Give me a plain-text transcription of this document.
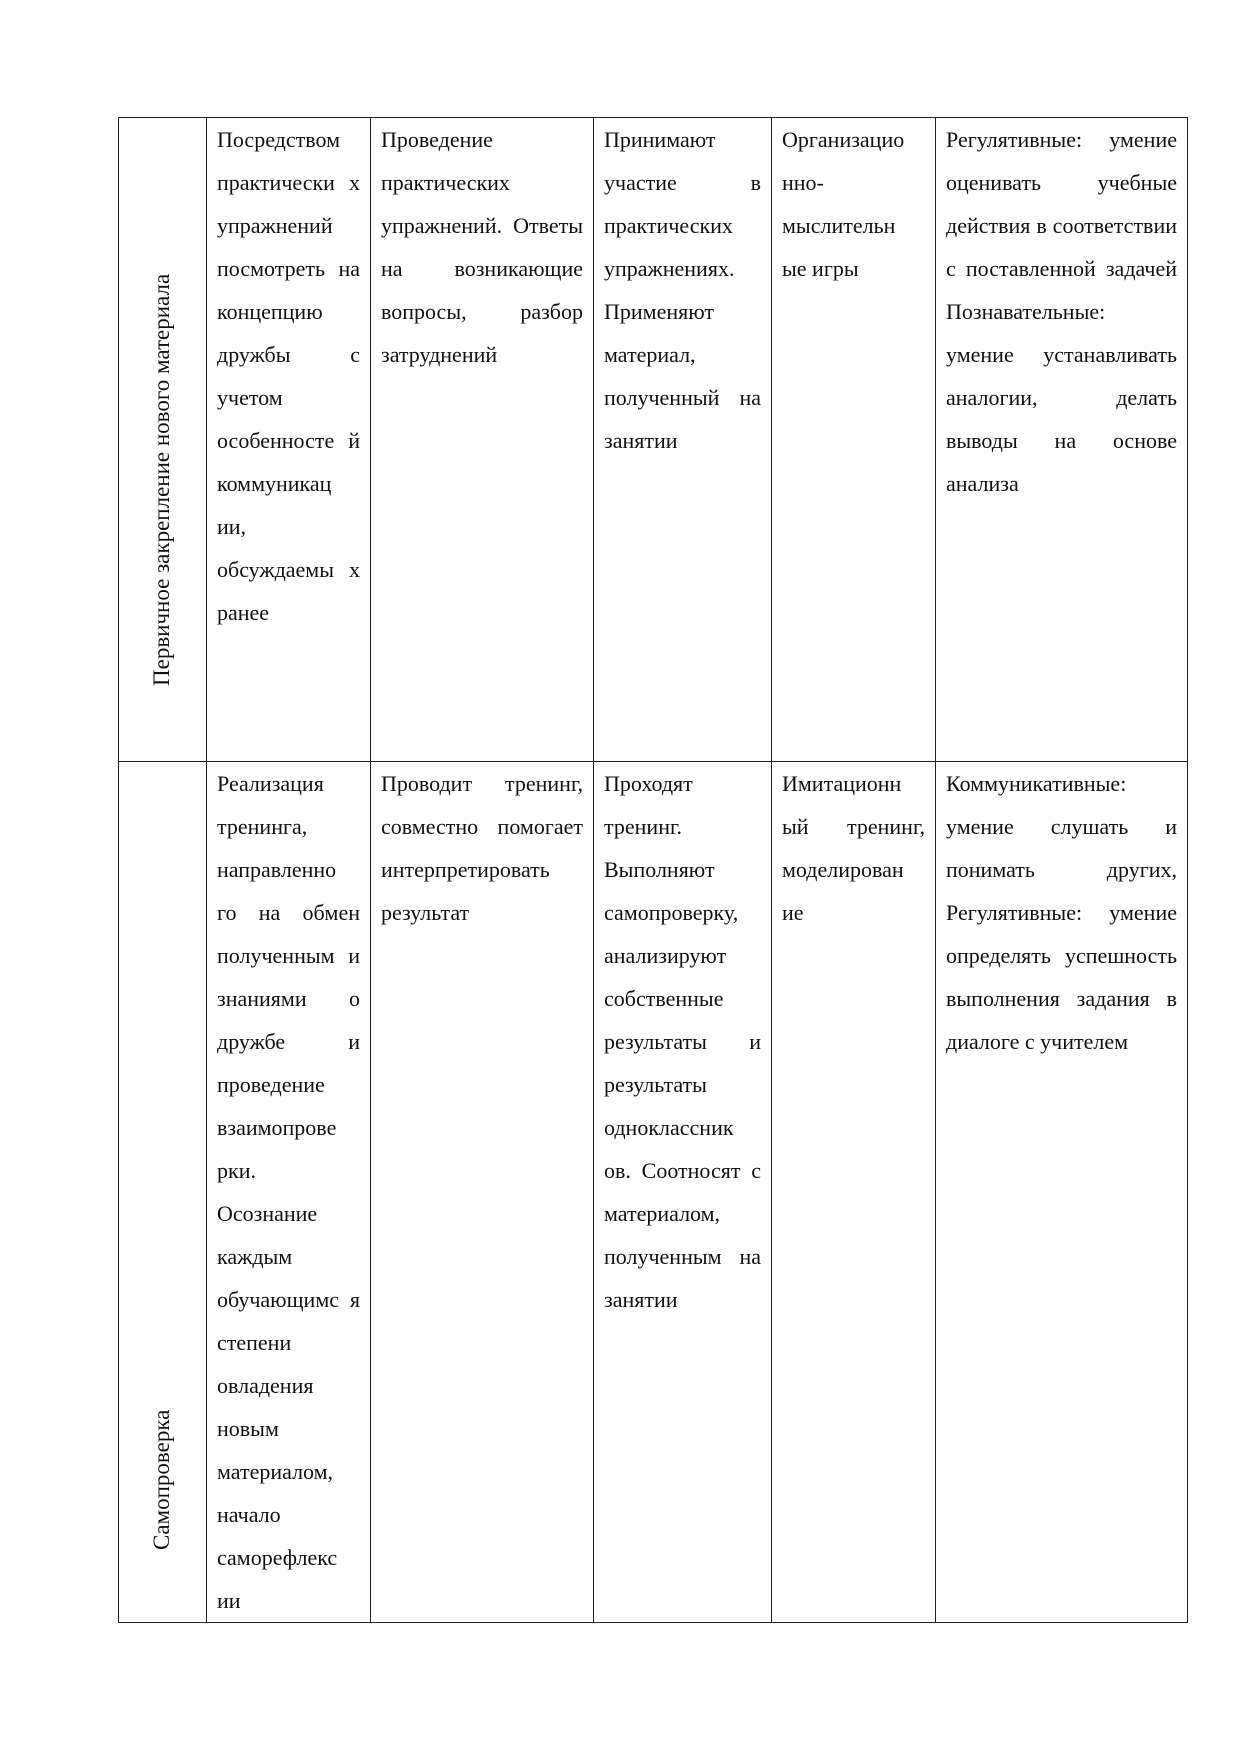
Первичное закрепление нового материала	Посредством практически х упражнений посмотреть на концепцию дружбы с учетом особенносте й коммуникац ии, обсуждаемы х ранее	Проведение практических упражнений. Ответы на возникающие вопросы, разбор затруднений	Принимают участие в практических упражнениях. Применяют материал, полученный на занятии	Организацио нно-мыслительн ые игры	Регулятивные: умение оценивать учебные действия в соответствии с поставленной задачей Познавательные: умение устанавливать аналогии, делать выводы на основе анализа

Самопроверка	Реализация тренинга, направленно го на обмен полученным и знаниями о дружбе и проведение взаимопрове рки. Осознание каждым обучающимс я степени овладения новым материалом, начало саморефлекс ии	Проводит тренинг, совместно помогает интерпретировать результат	Проходят тренинг. Выполняют самопроверку, анализируют собственные результаты и результаты одноклассник ов. Соотносят с материалом, полученным на занятии	Имитационн ый тренинг, моделирован ие	Коммуникативные: умение слушать и понимать других, Регулятивные: умение определять успешность выполнения задания в диалоге с учителем
